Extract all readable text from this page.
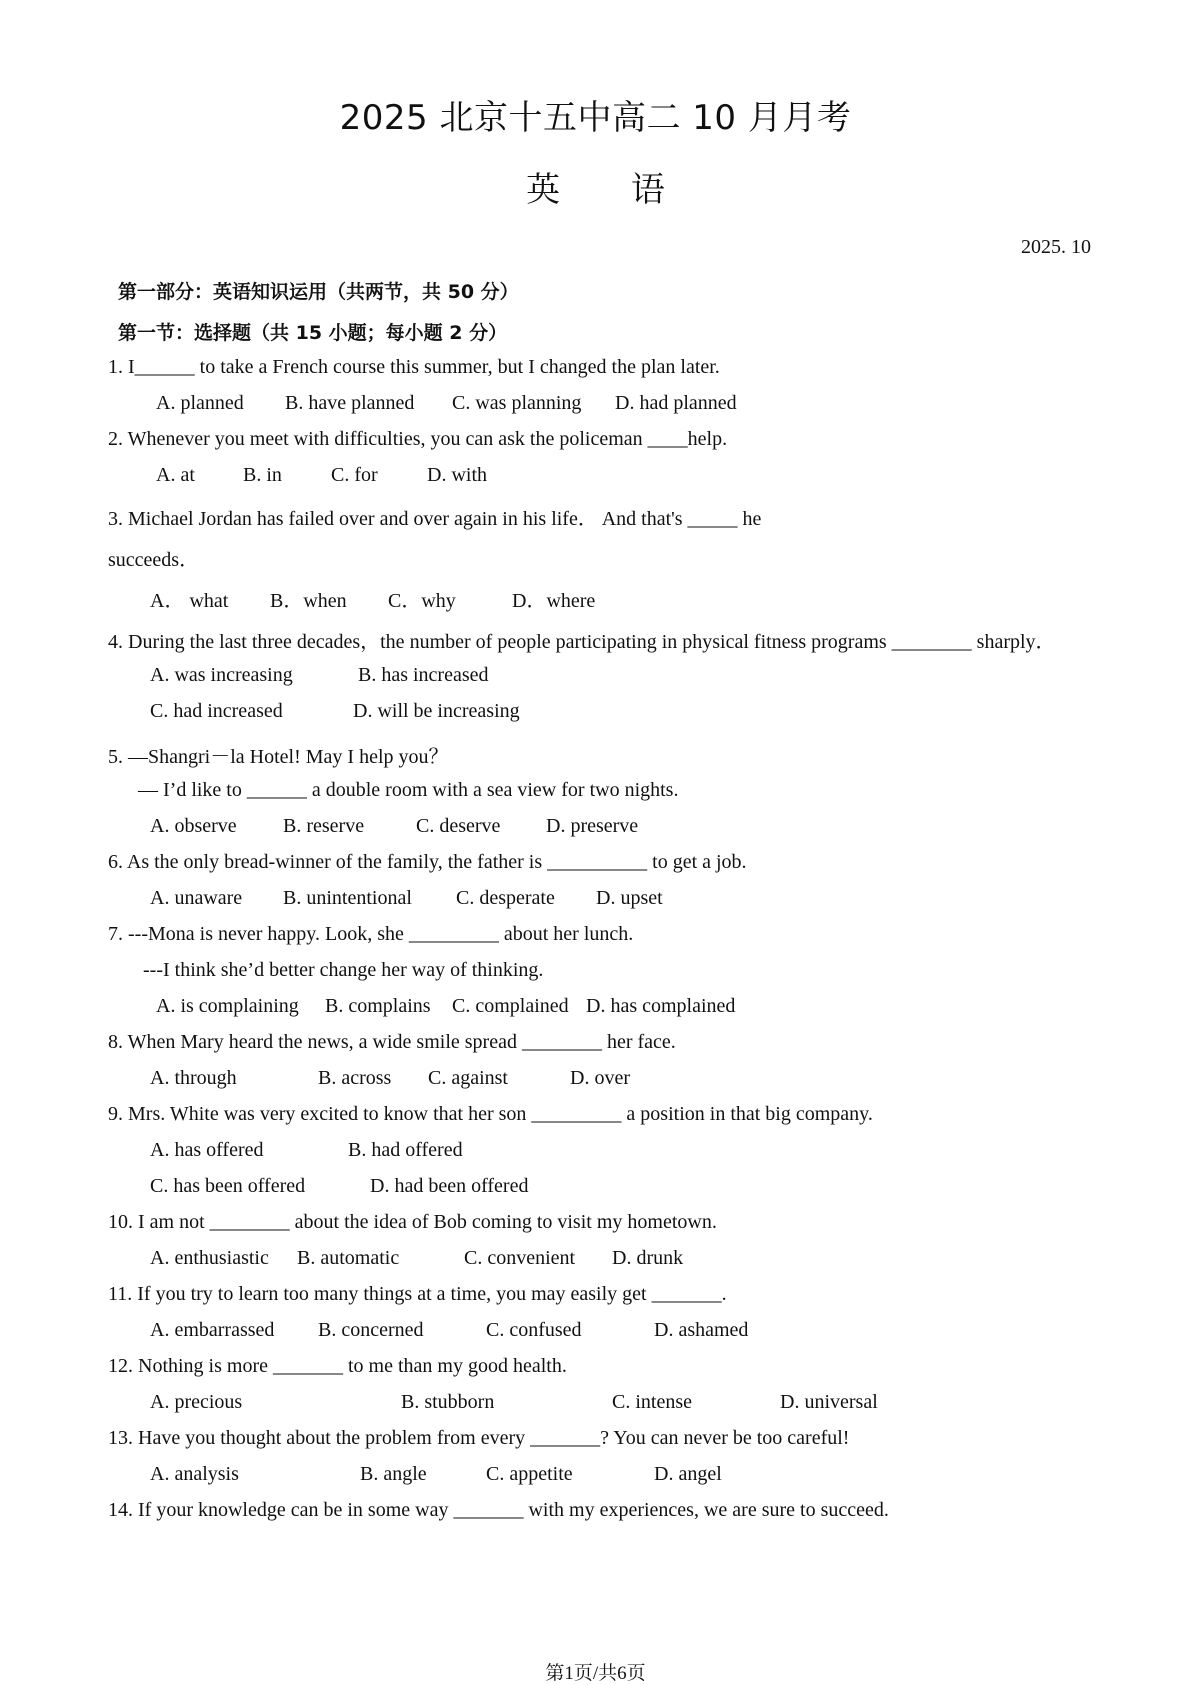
2025 北京十五中高二 10 月月考
英 语
2025. 10
第一部分：英语知识运用（共两节，共 50 分）
第一节：选择题（共 15 小题；每小题 2 分）
1. I______ to take a French course this summer, but I changed the plan later.
A. planned B. have planned C. was planning D. had planned
2. Whenever you meet with difficulties, you can ask the policeman ____help.
A. at B. in C. for D. with
3. Michael Jordan has failed over and over again in his life． And that's _____ he
succeeds．
A． what B．when C．why	D．where
4. During the last three decades，the number of people participating in physical fitness programs ________ sharply．
A. was increasing	B. has increased
C. had increased	D. will be increasing
5. —Shangri－la Hotel! May I help you？
— I’d like to ______ a double room with a sea view for two nights.
A. observe B. reserve	C. deserve D. preserve
6. As the only bread-winner of the family, the father is __________ to get a job.
A. unaware B. unintentional C. desperate D. upset
7. ---Mona is never happy. Look, she _________ about her lunch.
---I think she’d better change her way of thinking.
A. is complaining B. complains C. complained D. has complained
8. When Mary heard the news, a wide smile spread ________ her face.
A. through	B. across C. against	D. over
9. Mrs. White was very excited to know that her son _________ a position in that big company.
A. has offered	B. had offered
C. has been offered	D. had been offered
10. I am not ________ about the idea of Bob coming to visit my hometown.
A. enthusiastic B. automatic	C. convenient D. drunk
11. If you try to learn too many things at a time, you may easily get _______.
A. embarrassed B. concerned	C. confused	D. ashamed
12. Nothing is more _______ to me than my good health.
A. precious	B. stubborn	C. intense	D. universal
13. Have you thought about the problem from every _______? You can never be too careful!
A. analysis	B. angle	C. appetite	D. angel
14. If your knowledge can be in some way _______ with my experiences, we are sure to succeed.
第1页/共6页
